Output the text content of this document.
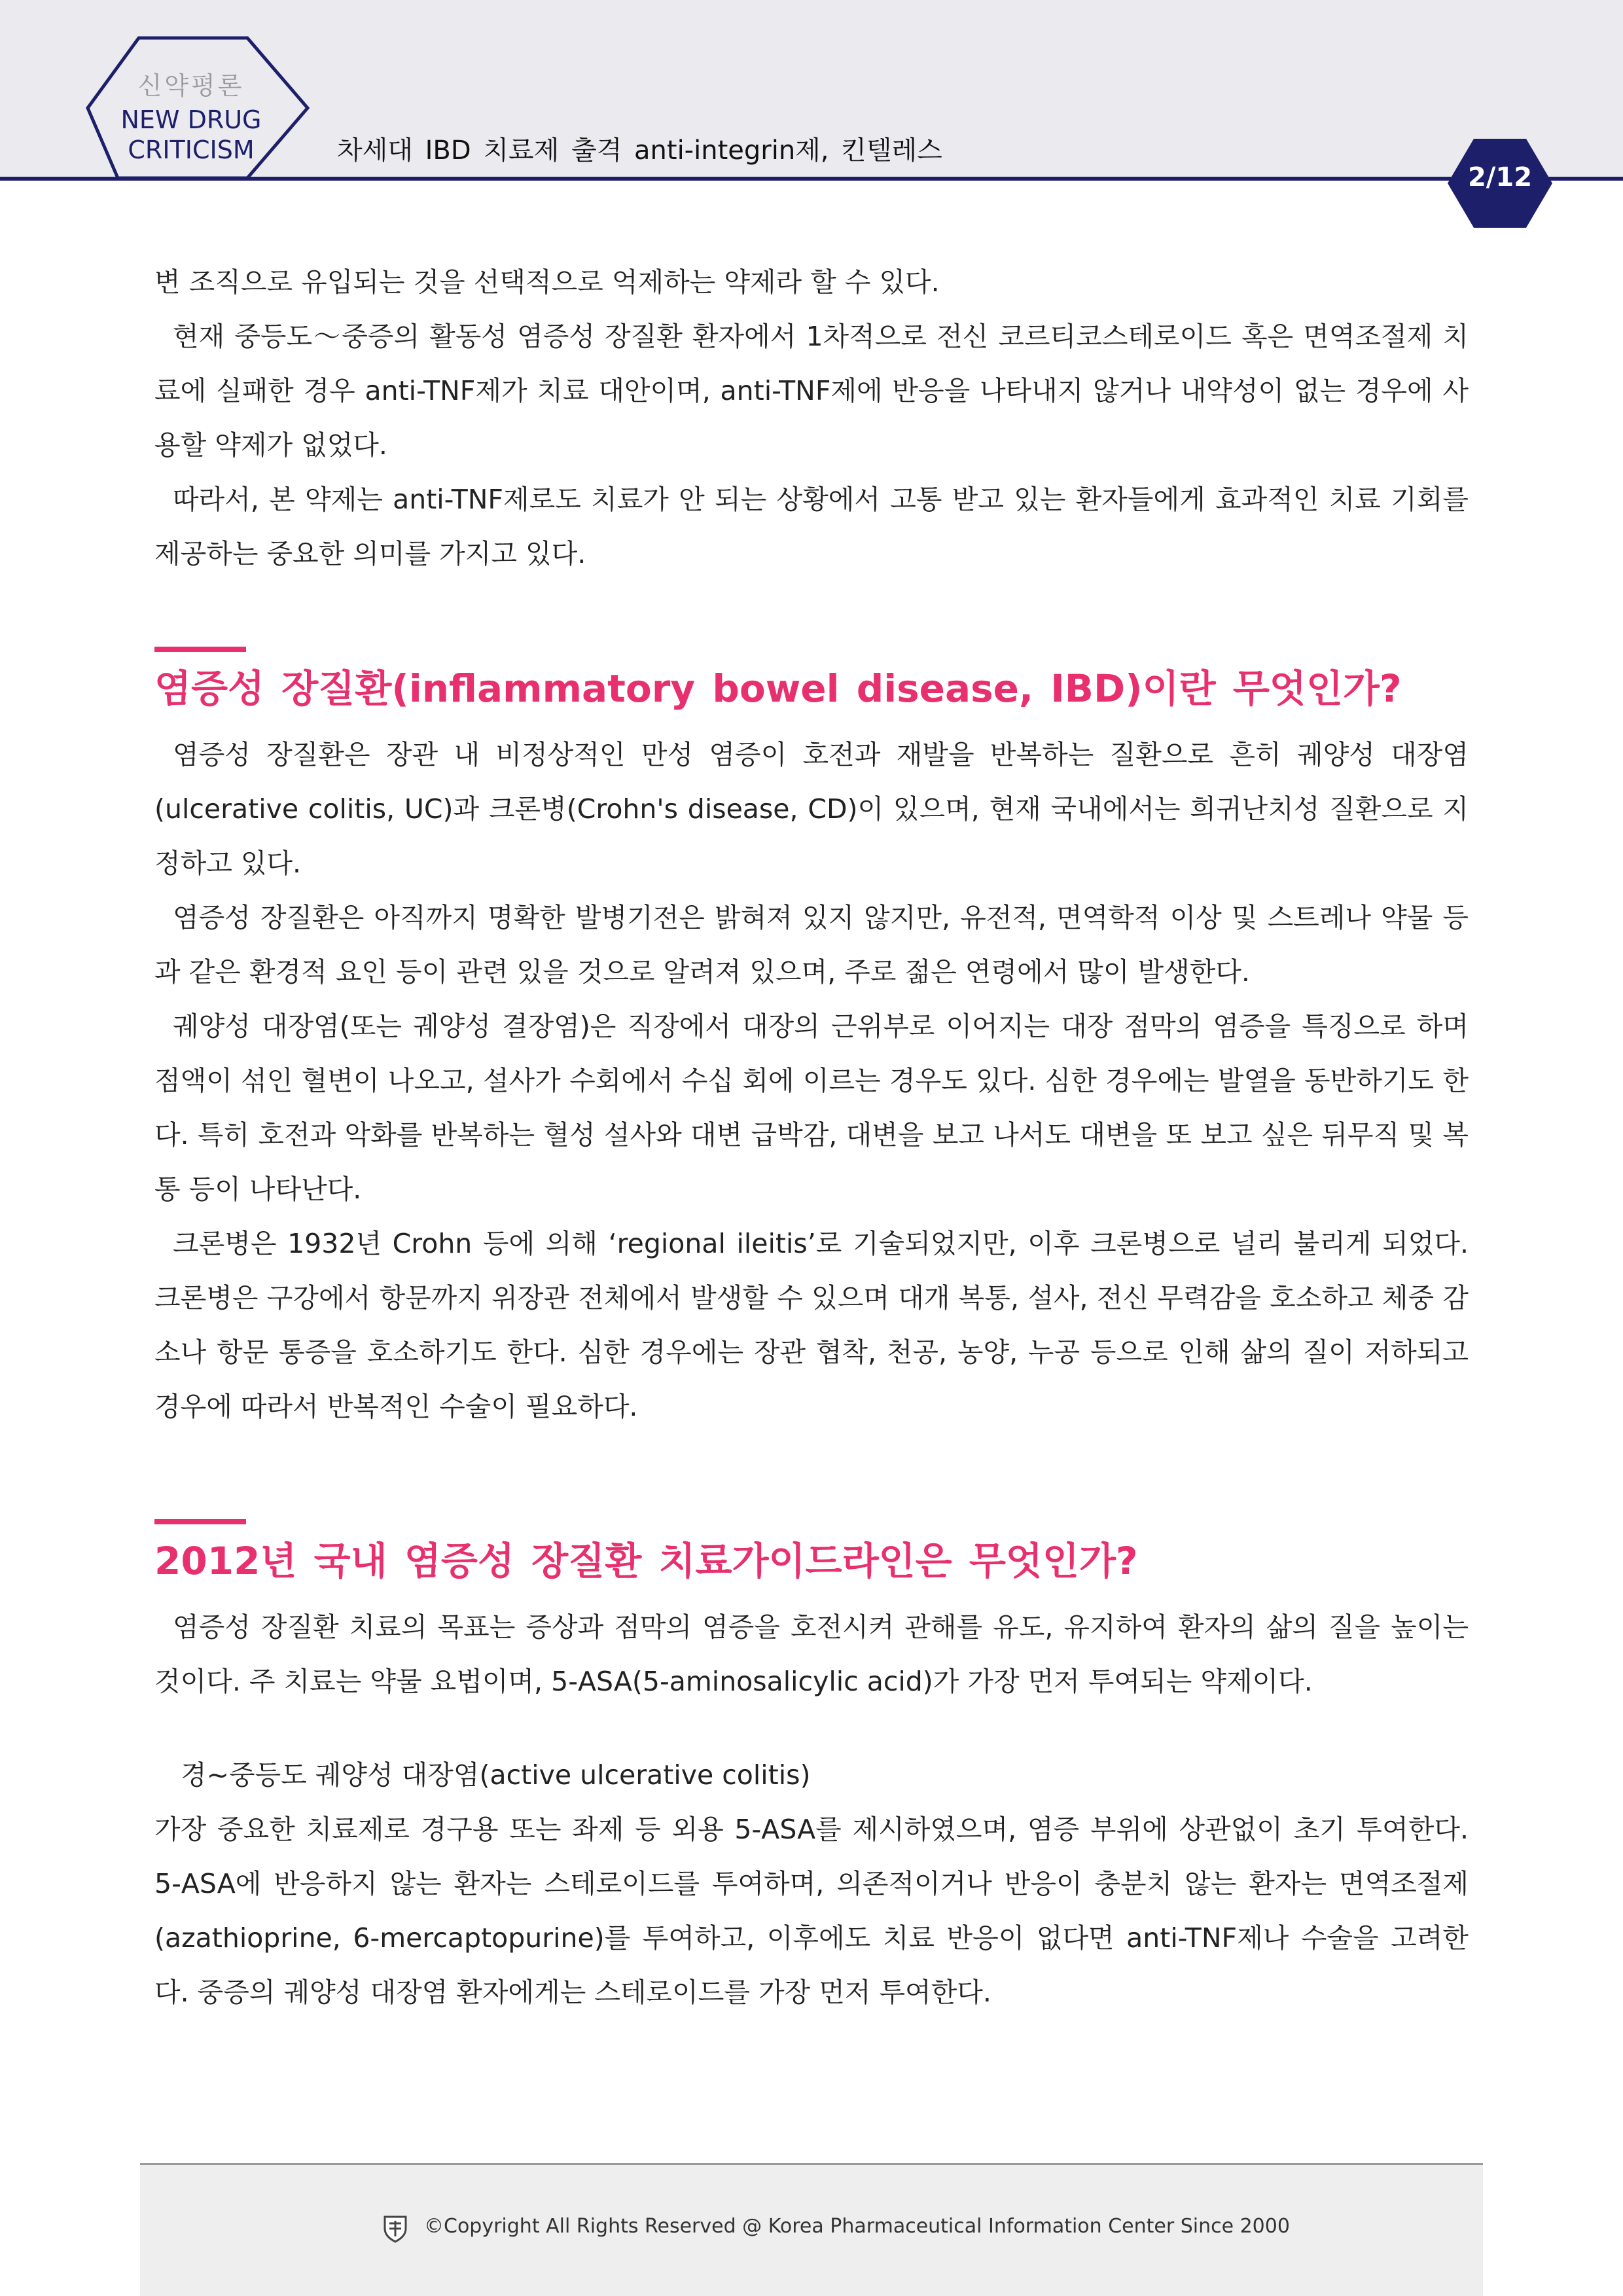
신약평론
NEW DRUG
CRITICISM	차세대 IBD 치료제 출격 anti-integrin제, 킨텔레스
2/12

변 조직으로 유입되는 것을 선택적으로 억제하는 약제라 할 수 있다.

현재 중등도～중증의 활동성 염증성 장질환 환자에서 1차적으로 전신 코르티코스테로이드 혹은 면역조절제 치료에 실패한 경우 anti-TNF제가 치료 대안이며, anti-TNF제에 반응을 나타내지 않거나 내약성이 없는 경우에 사용할 약제가 없었다.

따라서, 본 약제는 anti-TNF제로도 치료가 안 되는 상황에서 고통 받고 있는 환자들에게 효과적인 치료 기회를 제공하는 중요한 의미를 가지고 있다.

염증성 장질환(inflammatory bowel disease, IBD)이란 무엇인가?

염증성 장질환은 장관 내 비정상적인 만성 염증이 호전과 재발을 반복하는 질환으로 흔히 궤양성 대장염(ulcerative colitis, UC)과 크론병(Crohn's disease, CD)이 있으며, 현재 국내에서는 희귀난치성 질환으로 지정하고 있다.

염증성 장질환은 아직까지 명확한 발병기전은 밝혀져 있지 않지만, 유전적, 면역학적 이상 및 스트레나 약물 등과 같은 환경적 요인 등이 관련 있을 것으로 알려져 있으며, 주로 젊은 연령에서 많이 발생한다.

궤양성 대장염(또는 궤양성 결장염)은 직장에서 대장의 근위부로 이어지는 대장 점막의 염증을 특징으로 하며 점액이 섞인 혈변이 나오고, 설사가 수회에서 수십 회에 이르는 경우도 있다. 심한 경우에는 발열을 동반하기도 한다. 특히 호전과 악화를 반복하는 혈성 설사와 대변 급박감, 대변을 보고 나서도 대변을 또 보고 싶은 뒤무직 및 복통 등이 나타난다.

크론병은 1932년 Crohn 등에 의해 ‘regional ileitis’로 기술되었지만, 이후 크론병으로 널리 불리게 되었다. 크론병은 구강에서 항문까지 위장관 전체에서 발생할 수 있으며 대개 복통, 설사, 전신 무력감을 호소하고 체중 감소나 항문 통증을 호소하기도 한다. 심한 경우에는 장관 협착, 천공, 농양, 누공 등으로 인해 삶의 질이 저하되고 경우에 따라서 반복적인 수술이 필요하다.

2012년 국내 염증성 장질환 치료가이드라인은 무엇인가?

염증성 장질환 치료의 목표는 증상과 점막의 염증을 호전시켜 관해를 유도, 유지하여 환자의 삶의 질을 높이는 것이다. 주 치료는 약물 요법이며, 5-ASA(5-aminosalicylic acid)가 가장 먼저 투여되는 약제이다.

경~중등도 궤양성 대장염(active ulcerative colitis)

가장 중요한 치료제로 경구용 또는 좌제 등 외용 5-ASA를 제시하였으며, 염증 부위에 상관없이 초기 투여한다. 5-ASA에 반응하지 않는 환자는 스테로이드를 투여하며, 의존적이거나 반응이 충분치 않는 환자는 면역조절제(azathioprine, 6-mercaptopurine)를 투여하고, 이후에도 치료 반응이 없다면 anti-TNF제나 수술을 고려한다. 중증의 궤양성 대장염 환자에게는 스테로이드를 가장 먼저 투여한다.

©Copyright All Rights Reserved @ Korea Pharmaceutical Information Center Since 2000
